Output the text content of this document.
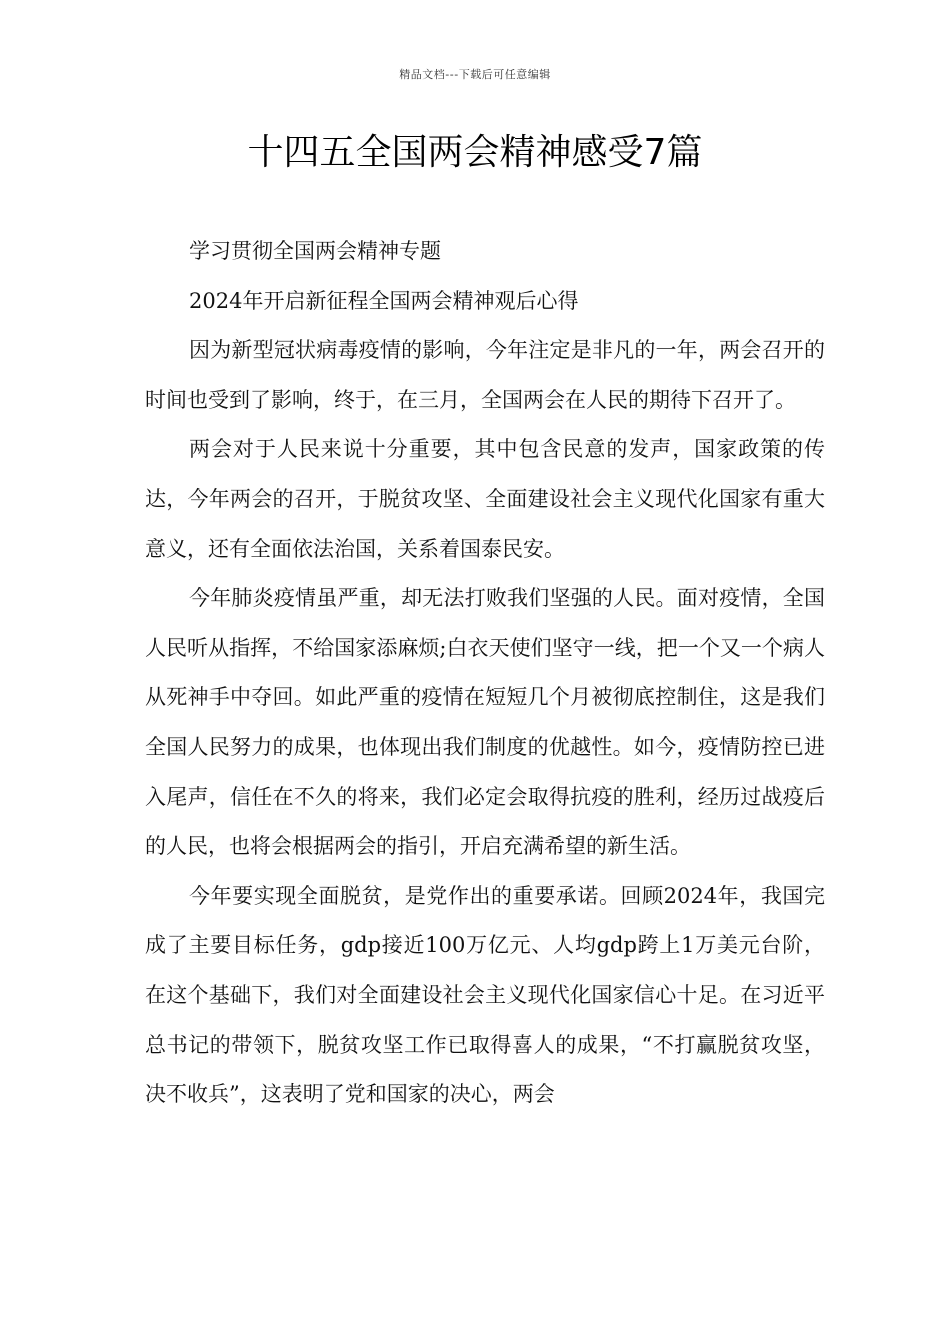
精品文档---下载后可任意编辑
十四五全国两会精神感受7篇

学习贯彻全国两会精神专题

2024年开启新征程全国两会精神观后心得

因为新型冠状病毒疫情的影响，今年注定是非凡的一年，两会召开的时间也受到了影响，终于，在三月，全国两会在人民的期待下召开了。

两会对于人民来说十分重要，其中包含民意的发声，国家政策的传达，今年两会的召开，于脱贫攻坚、全面建设社会主义现代化国家有重大意义，还有全面依法治国，关系着国泰民安。

今年肺炎疫情虽严重，却无法打败我们坚强的人民。面对疫情，全国人民听从指挥，不给国家添麻烦;白衣天使们坚守一线，把一个又一个病人从死神手中夺回。如此严重的疫情在短短几个月被彻底控制住，这是我们全国人民努力的成果，也体现出我们制度的优越性。如今，疫情防控已进入尾声，信任在不久的将来，我们必定会取得抗疫的胜利，经历过战疫后的人民，也将会根据两会的指引，开启充满希望的新生活。

今年要实现全面脱贫，是党作出的重要承诺。回顾2024年，我国完成了主要目标任务，gdp接近100万亿元、人均gdp跨上1万美元台阶，在这个基础下，我们对全面建设社会主义现代化国家信心十足。在习近平总书记的带领下，脱贫攻坚工作已取得喜人的成果，“不打赢脱贫攻坚，决不收兵”，这表明了党和国家的决心，两会
